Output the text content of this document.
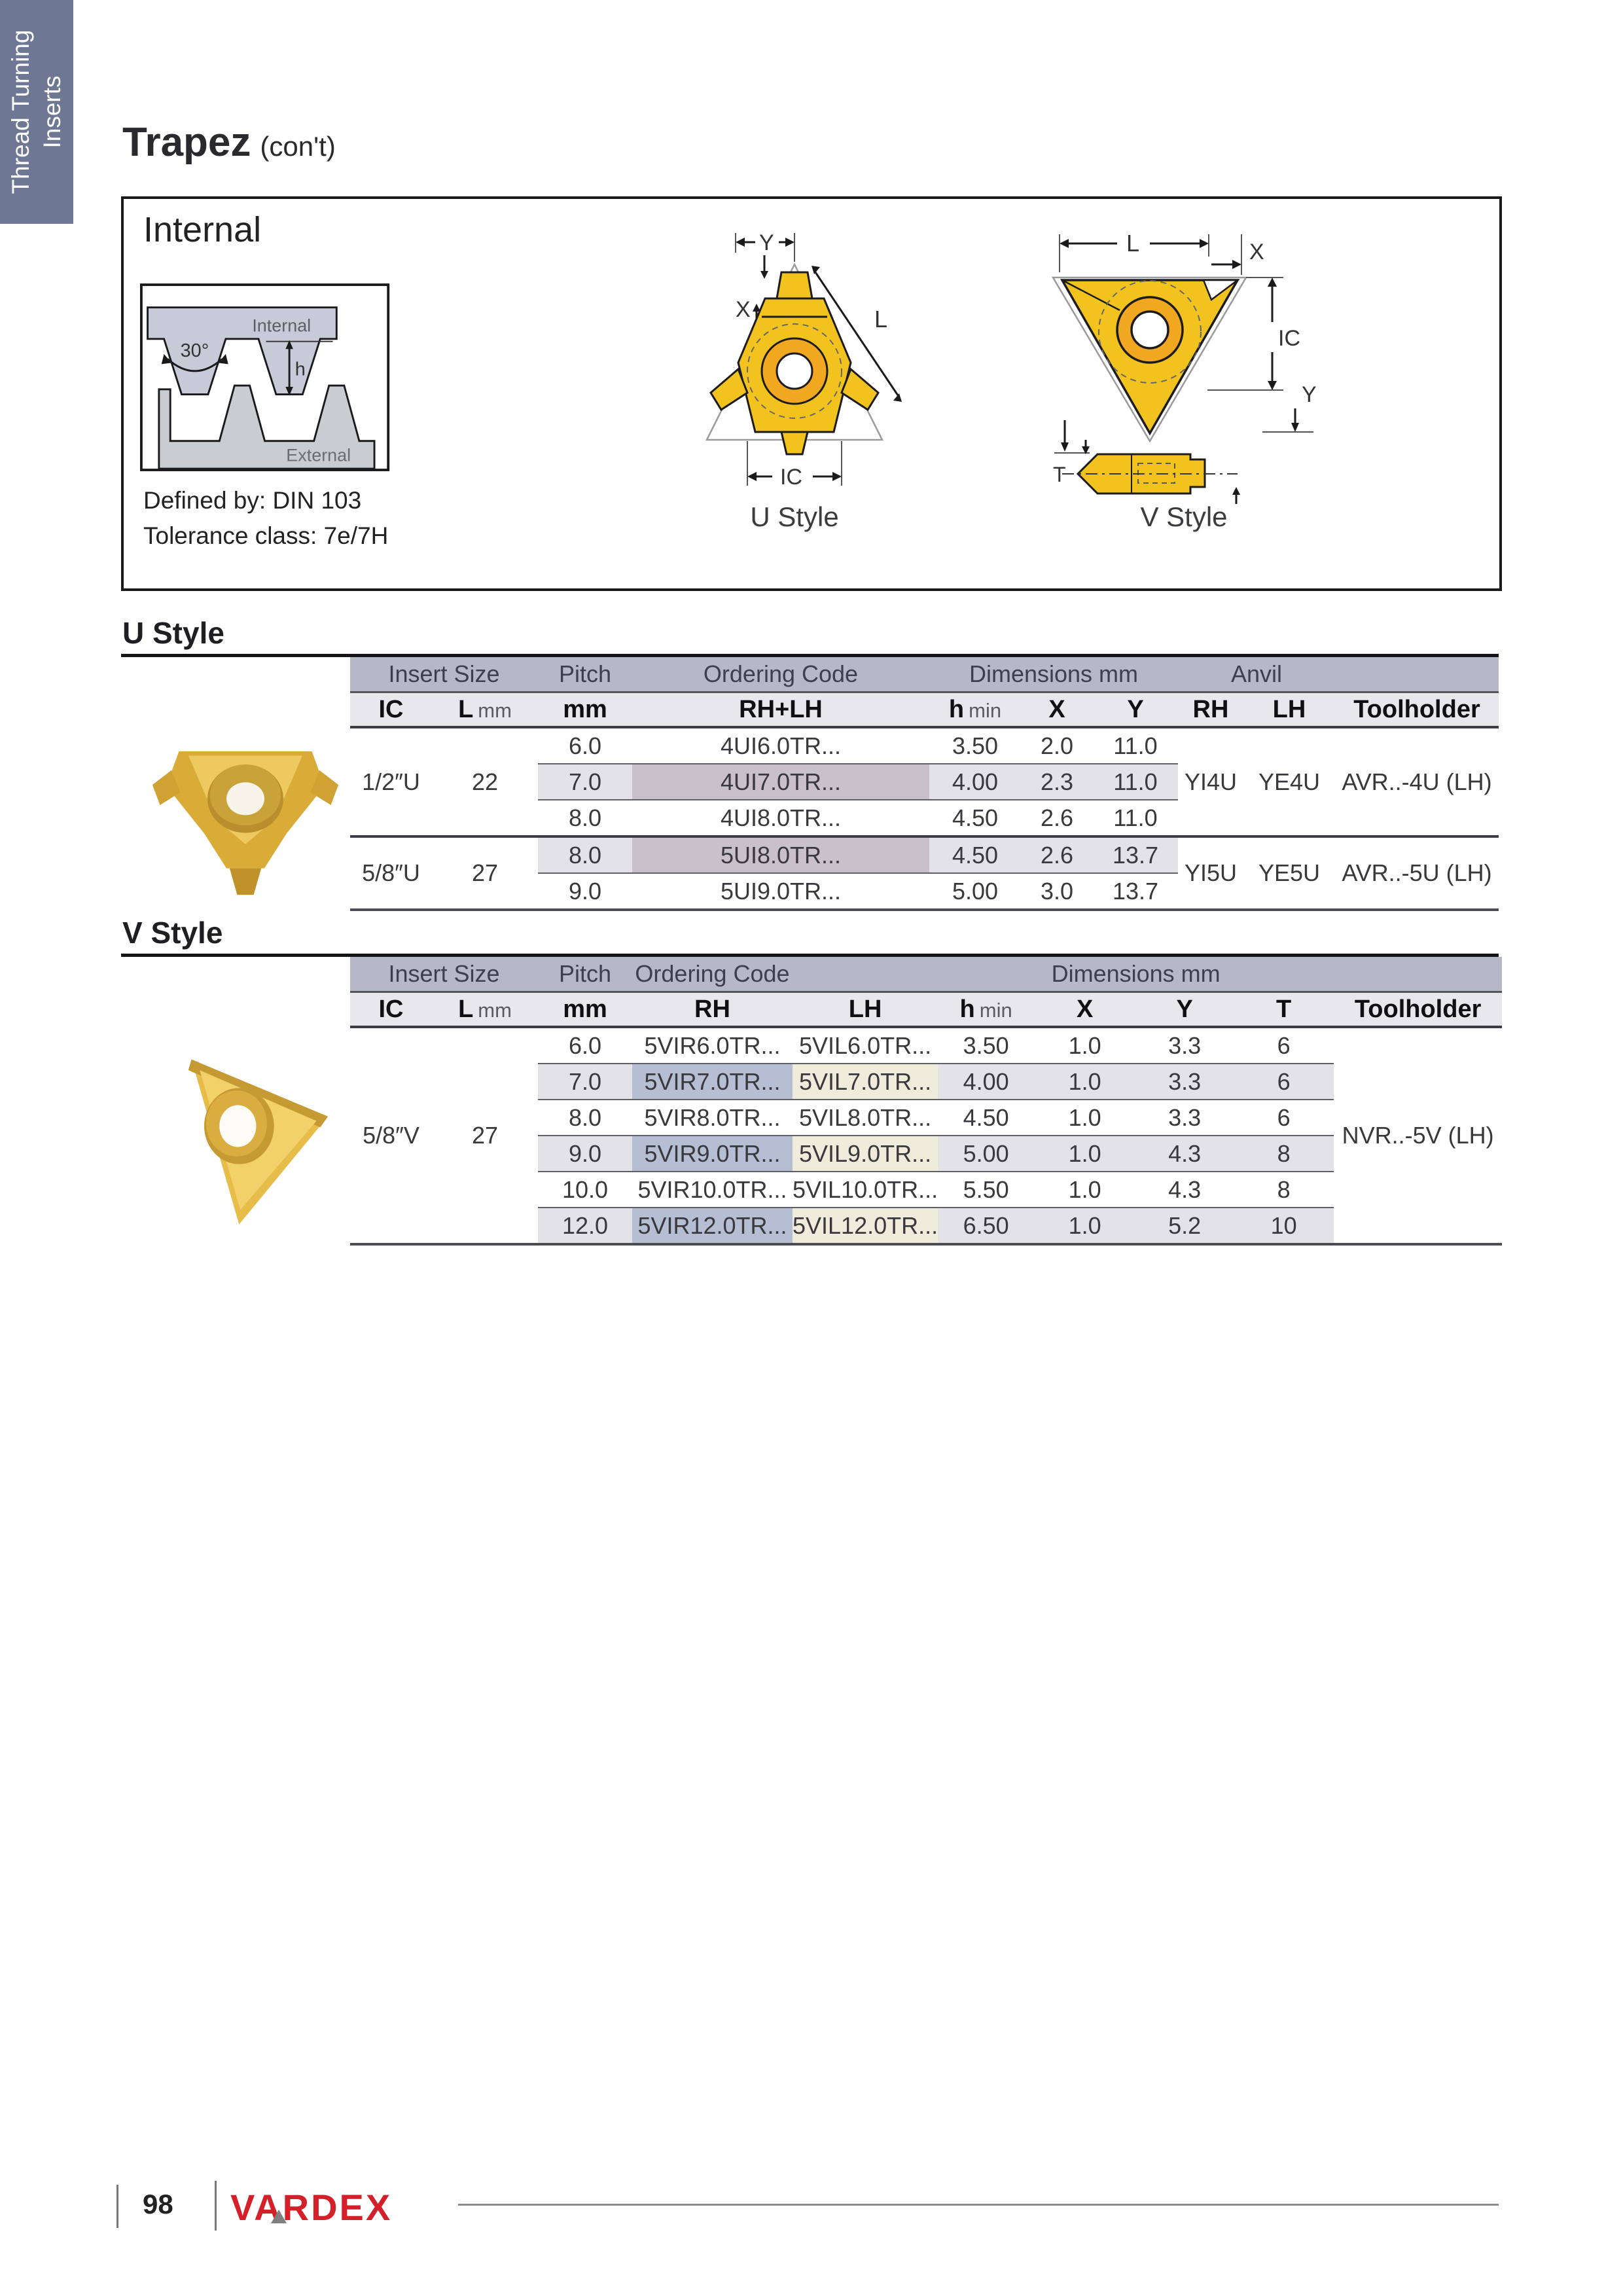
Thread Turning Inserts Trapez (con't)
Internal
Internal
External
30°
h
Defined by: DIN 103
Tolerance class: 7e/7H
Y
X	L
IC
U Style
L	X
IC
Y
T
V Style
U Style
Insert Size		Pitch	Ordering Code	Dimensions mm			Anvil		
IC	L mm	mm	RH+LH	h min	X	Y	RH	LH	Toolholder
1/2″U	22	6.0	4UI6.0TR...	3.50	2.0	11.0	YI4U	YE4U	AVR..-4U (LH)
		7.0	4UI7.0TR...	4.00	2.3	11.0			
		8.0	4UI8.0TR...	4.50	2.6	11.0			
5/8″U	27	8.0	5UI8.0TR...	4.50	2.6	13.7	YI5U	YE5U	AVR..-5U (LH)
		9.0	5UI9.0TR...	5.00	3.0	13.7			
V Style
Insert Size		Pitch	Ordering Code		Dimensions mm				
IC	L mm	mm	RH	LH	h min	X	Y	T	Toolholder
5/8″V	27	6.0	5VIR6.0TR...	5VIL6.0TR...	3.50	1.0	3.3	6	NVR..-5V (LH)
		7.0	5VIR7.0TR...	5VIL7.0TR...	4.00	1.0	3.3	6	
		8.0	5VIR8.0TR...	5VIL8.0TR...	4.50	1.0	3.3	6	
		9.0	5VIR9.0TR...	5VIL9.0TR...	5.00	1.0	4.3	8	
		10.0	5VIR10.0TR...	5VIL10.0TR...	5.50	1.0	4.3	8	
		12.0	5VIR12.0TR...	5VIL12.0TR...	6.50	1.0	5.2	10	
98 VARDEX
